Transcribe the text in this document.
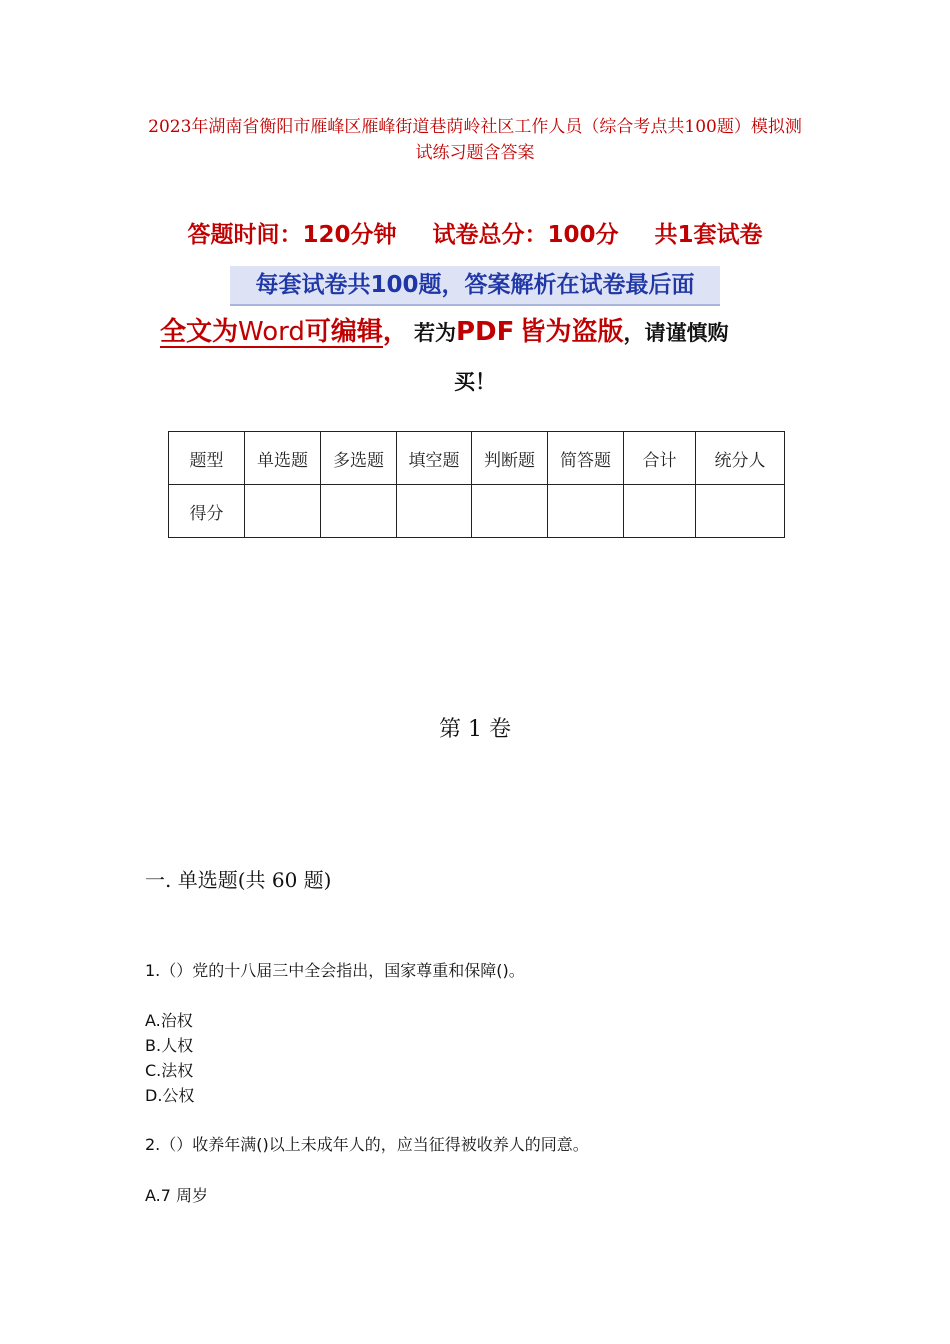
2023年湖南省衡阳市雁峰区雁峰街道巷荫岭社区工作人员（综合考点共100题）模拟测试练习题含答案
答题时间：120分钟 试卷总分：100分 共1套试卷
每套试卷共100题，答案解析在试卷最后面
全文为Word可编辑， 若为PDF 皆为盗版，请谨慎购
买！
题型	单选题	多选题	填空题	判断题	简答题	合计	统分人
得分							
第 1 卷
一. 单选题(共 60 题)
1.（）党的十八届三中全会指出，国家尊重和保障()。
A.治权
B.人权
C.法权
D.公权
2.（）收养年满()以上未成年人的，应当征得被收养人的同意。
A.7 周岁
